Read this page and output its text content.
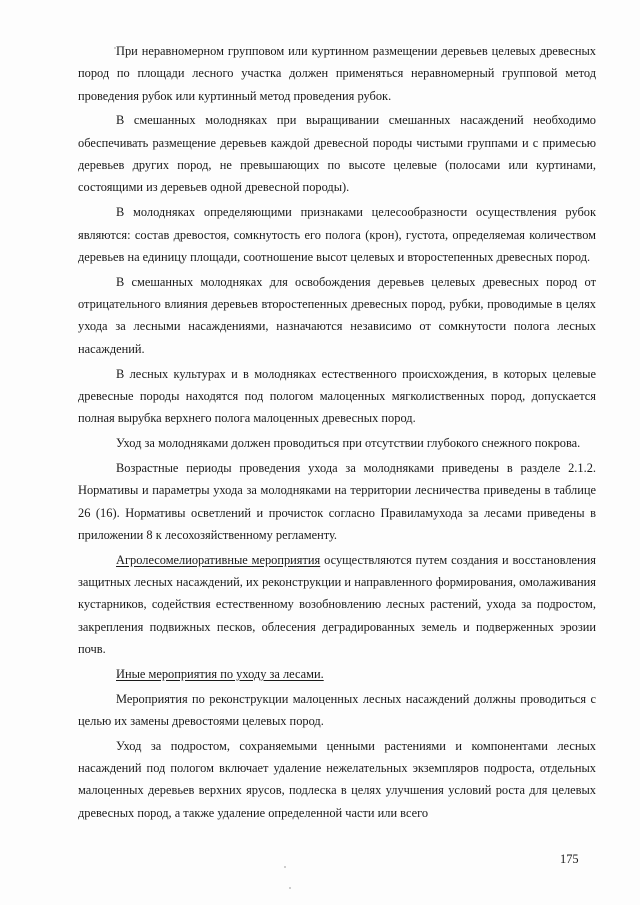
При неравномерном групповом или куртинном размещении деревьев целевых древесных пород по площади лесного участка должен применяться неравномерный групповой метод проведения рубок или куртинный метод проведения рубок.

В смешанных молодняках при выращивании смешанных насаждений необходимо обеспечивать размещение деревьев каждой древесной породы чистыми группами и с примесью деревьев других пород, не превышающих по высоте целевые (полосами или куртинами, состоящими из деревьев одной древесной породы).

В молодняках определяющими признаками целесообразности осуществления рубок являются: состав древостоя, сомкнутость его полога (крон), густота, определяемая количеством деревьев на единицу площади, соотношение высот целевых и второстепенных древесных пород.

В смешанных молодняках для освобождения деревьев целевых древесных пород от отрицательного влияния деревьев второстепенных древесных пород, рубки, проводимые в целях ухода за лесными насаждениями, назначаются независимо от сомкнутости полога лесных насаждений.

В лесных культурах и в молодняках естественного происхождения, в которых целевые древесные породы находятся под пологом малоценных мягколиственных пород, допускается полная вырубка верхнего полога малоценных древесных пород.

Уход за молодняками должен проводиться при отсутствии глубокого снежного покрова.

Возрастные периоды проведения ухода за молодняками приведены в разделе 2.1.2. Нормативы и параметры ухода за молодняками на территории лесничества приведены в таблице 26 (16). Нормативы осветлений и прочисток согласно Правиламухода за лесами приведены в приложении 8 к лесохозяйственному регламенту.

Агролесомелиоративные мероприятия осуществляются путем создания и восстановления защитных лесных насаждений, их реконструкции и направленного формирования, омолаживания кустарников, содействия естественному возобновлению лесных растений, ухода за подростом, закрепления подвижных песков, облесения деградированных земель и подверженных эрозии почв.

Иные мероприятия по уходу за лесами.

Мероприятия по реконструкции малоценных лесных насаждений должны проводиться с целью их замены древостоями целевых пород.

Уход за подростом, сохраняемыми ценными растениями и компонентами лесных насаждений под пологом включает удаление нежелательных экземпляров подроста, отдельных малоценных деревьев верхних ярусов, подлеска в целях улучшения условий роста для целевых древесных пород, а также удаление определенной части или всего

175
